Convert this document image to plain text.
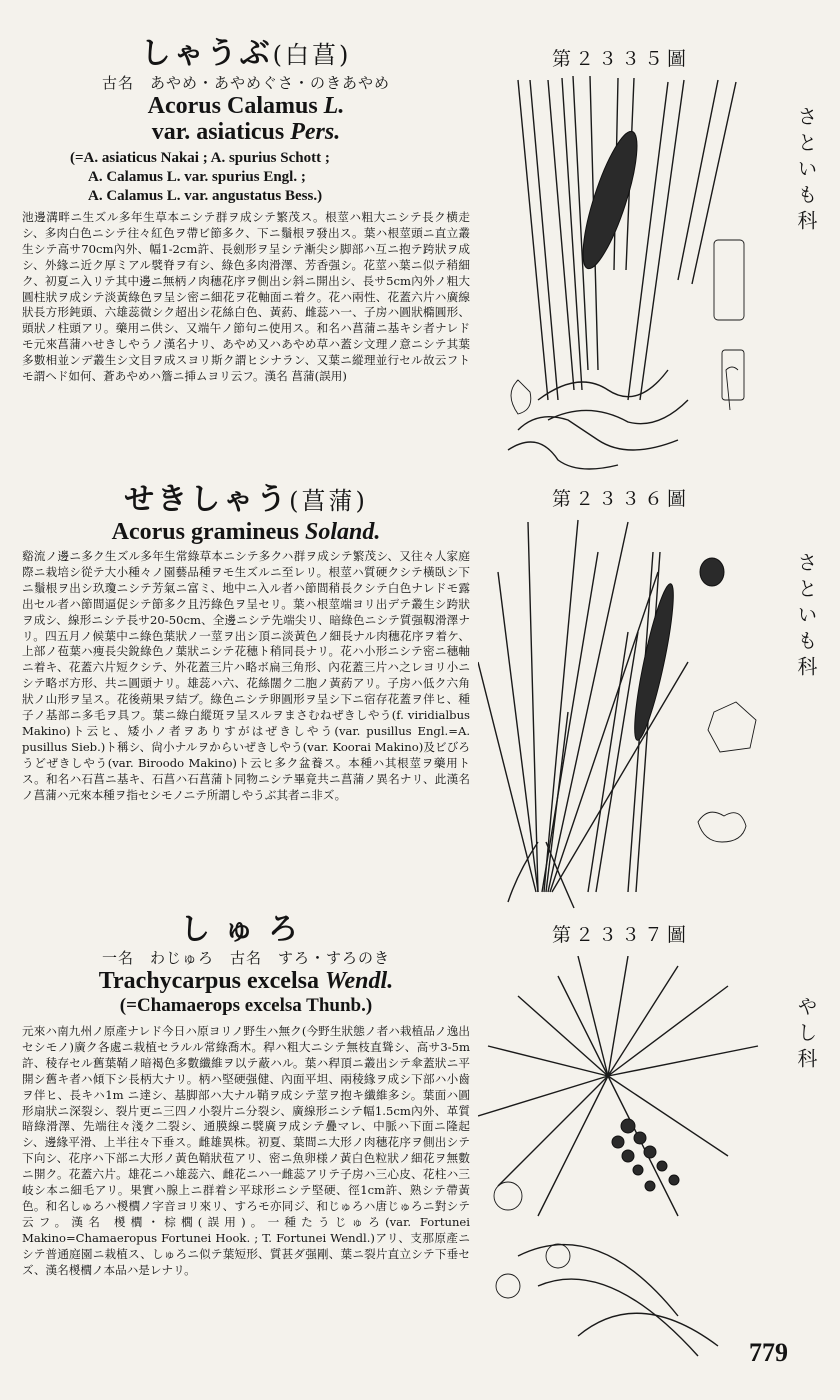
しゃうぶ(白菖)
古名　あやめ・あやめぐさ・のきあやめ
Acorus Calamus L.
var. asiaticus Pers.
(=A. asiaticus Nakai ; A. spurius Schott ;
A. Calamus L. var. spurius Engl. ;
A. Calamus L. var. angustatus Bess.)
池邊溝畔ニ生ズル多年生草本ニシテ群ヲ成シテ繁茂ス。根莖ハ粗大ニシテ長ク横走シ、多肉白色ニシテ往々紅色ヲ帶ビ節多ク、下ニ鬚根ヲ發出ス。葉ハ根莖頭ニ直立叢生シテ高サ70cm內外、幅1-2cm許、長劍形ヲ呈シテ漸尖シ脚部ハ互ニ抱テ跨狀ヲ成シ、外緣ニ近ク厚ミアル襞脊ヲ有シ、綠色多肉滑澤、芳香强シ。花莖ハ葉ニ似テ稍細ク、初夏ニ入リテ其中邊ニ無柄ノ肉穗花序ヲ側出シ斜ニ開出シ、長サ5cm內外ノ粗大圓柱狀ヲ成シテ淡黃綠色ヲ呈シ密ニ細花ヲ花軸面ニ着ク。花ハ兩性、花蓋六片ハ廣線狀長方形鈍頭、六雄蕊微シク超出シ花絲白色、黃葯、雌蕊ハ一、子房ハ圓狀橢圓形、頭狀ノ柱頭アリ。藥用ニ供シ、又端午ノ節句ニ使用ス。和名ハ菖蒲ニ基キシ者ナレドモ元來菖蒲ハせきしやうノ漢名ナリ、あやめ又ハあやめ草ハ蓋シ文理ノ意ニシテ其葉多數相並ンデ叢生シ文目ヲ成スヨリ斯ク謂ヒシナラン、又葉ニ縱理並行セル故云フトモ謂ヘド如何、蒼あやめハ簷ニ挿ムヨリ云フ。漢名 菖蒲(誤用)
せきしゃう(菖蒲)
Acorus gramineus Soland.
谿流ノ邊ニ多ク生ズル多年生常綠草本ニシテ多クハ群ヲ成シテ繁茂シ、又往々人家庭際ニ栽培シ從テ大小種々ノ園藝品種ヲモ生ズルニ至レリ。根莖ハ質硬クシテ橫臥シ下ニ鬚根ヲ出シ玖瓊ニシテ芳氣ニ富ミ、地中ニ入ル者ハ節間稍長クシテ白色ナレドモ露出セル者ハ節間逼促シテ節多ク且汚綠色ヲ呈セリ。葉ハ根莖端ヨリ出デテ叢生シ跨狀ヲ成シ、線形ニシテ長サ20-50cm、全邊ニシテ先端尖リ、暗綠色ニシテ質强靱滑澤ナリ。四五月ノ候葉中ニ綠色葉狀ノ一莖ヲ出シ頂ニ淡黃色ノ細長ナル肉穗花序ヲ着ケ、上部ノ苞葉ハ痩長尖銳綠色ノ葉狀ニシテ花穗ト稍同長ナリ。花ハ小形ニシテ密ニ穗軸ニ着キ、花蓋六片短クシテ、外花蓋三片ハ略ボ扁三角形、內花蓋三片ハ之レヨリ小ニシテ略ボ方形、共ニ圓頭ナリ。雄蕊ハ六、花絲闊ク二胞ノ黃葯アリ。子房ハ低ク六角狀ノ山形ヲ呈ス。花後蒴果ヲ結ブ。綠色ニシテ卵圓形ヲ呈シ下ニ宿存花蓋ヲ伴ヒ、種子ノ基部ニ多毛ヲ具フ。葉ニ綠白縱斑ヲ呈スルヲまさむねぜきしやう(f. viridialbus Makino)ト云ヒ、矮小ノ者ヲありすがはぜきしやう(var. pusillus Engl.=A. pusillus Sieb.)ト稱シ、尙小ナルヲからいぜきしやう(var. Koorai Makino)及ビびろうどぜきしやう(var. Biroodo Makino)ト云ヒ多ク盆養ス。本種ハ其根莖ヲ藥用トス。和名ハ石菖ニ基キ、石菖ハ石菖蒲ト同物ニシテ畢竟共ニ菖蒲ノ異名ナリ、此漢名ノ菖蒲ハ元來本種ヲ指セシモノニテ所謂しやうぶ其者ニ非ズ。
しゅろ
一名　わじゅろ　古名　すろ・すろのき
Trachycarpus excelsa Wendl.
(=Chamaerops excelsa Thunb.)
元來ハ南九州ノ原產ナレド今日ハ原ヨリノ野生ハ無ク(今野生狀態ノ者ハ栽植品ノ逸出セシモノ)廣ク各處ニ栽植セラルル常綠喬木。稈ハ粗大ニシテ無枝直聳シ、高サ3-5m許、稜存セル舊葉鞘ノ暗褐色多數纖維ヲ以テ蔽ハル。葉ハ稈頂ニ叢出シテ傘蓋狀ニ平開シ舊キ者ハ傾下シ長柄大ナリ。柄ハ堅硬强健、內面平坦、兩稜緣ヲ成シ下部ハ小齒ヲ伴ヒ、長キハ1m ニ達シ、基脚部ハ大ナル鞘ヲ成シテ莖ヲ抱キ纖維多シ。葉面ハ圓形扇狀ニ深裂シ、裂片更ニ三四ノ小裂片ニ分裂シ、廣線形ニシテ幅1.5cm內外、革質暗綠滑澤、先端往々淺ク二裂シ、通膜線ニ襞廣ヲ成シテ疊マレ、中脈ハ下面ニ隆起シ、邊緣平滑、上半往々下垂ス。雌雄異株。初夏、葉間ニ大形ノ肉穗花序ヲ側出シテ下向シ、花序ハ下部ニ大形ノ黃色鞘狀苞アリ、密ニ魚卵様ノ黃白色粒狀ノ細花ヲ無數ニ開ク。花蓋六片。雄花ニハ雄蕊六、雌花ニハ一雌蕊アリテ子房ハ三心皮、花柱ハ三岐シ本ニ細毛アリ。果實ハ腺上ニ群着シ平球形ニシテ堅硬、徑1cm許、熟シテ帶黃色。和名しゅろハ椶櫚ノ字音ヨリ來リ、すろモ亦同ジ、和じゅろハ唐じゅろニ對シテ云フ。漢名 椶櫚・棕櫚(誤用)。一種たうじゅろ(var. Fortunei Makino=Chamaeropus Fortunei Hook. ; T. Fortunei Wendl.)アリ、支那原產ニシテ普通庭園ニ栽植ス、しゅろニ似テ葉短形、質甚ダ强剛、葉ニ裂片直立シテ下垂セズ、漢名椶櫚ノ本品ハ是レナリ。
第２３３５圖
第２３３６圖
第２３３７圖
さといも科
さといも科
やし科
779
